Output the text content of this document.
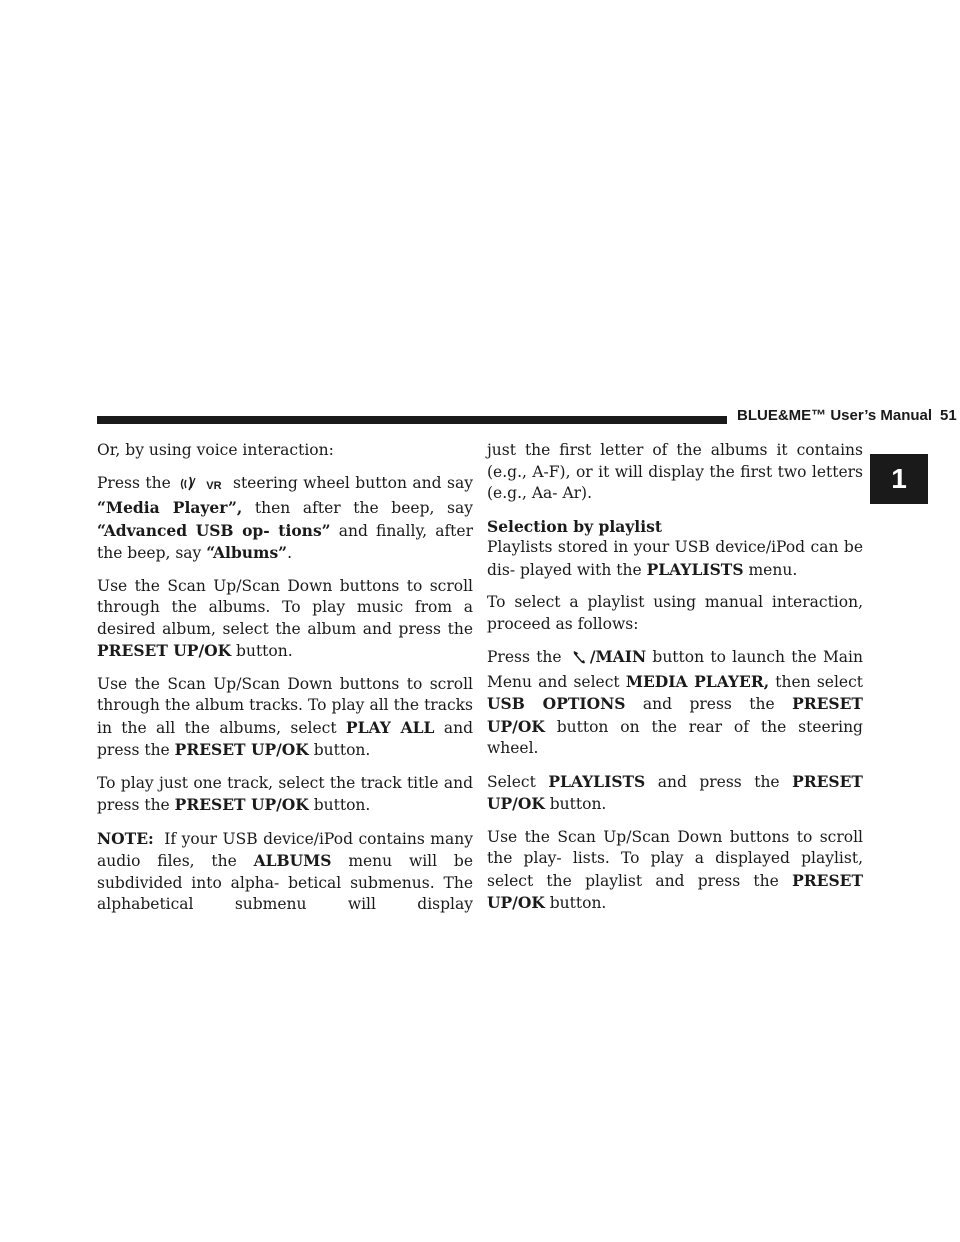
BLUE&ME™ User’s Manual 51
1

Or, by using voice interaction:

Press the	VR steering wheel button and say “Media Player”, then after the beep, say “Advanced USB op- tions” and finally, after the beep, say “Albums”.

Use the Scan Up/Scan Down buttons to scroll through the albums. To play music from a desired album, select the album and press the PRESET UP/OK button.

Use the Scan Up/Scan Down buttons to scroll through the album tracks. To play all the tracks in the all the albums, select PLAY ALL and press the PRESET UP/OK button.

To play just one track, select the track title and press the PRESET UP/OK button.

NOTE: If your USB device/iPod contains many audio files, the ALBUMS menu will be subdivided into alpha- betical submenus. The alphabetical submenu will display

just the first letter of the albums it contains (e.g., A-F), or it will display the first two letters (e.g., Aa- Ar).

Selection by playlist

Playlists stored in your USB device/iPod can be dis- played with the PLAYLISTS menu.

To select a playlist using manual interaction, proceed as follows:

Press the /MAIN button to launch the Main Menu and select MEDIA PLAYER, then select USB OPTIONS and press the PRESET UP/OK button on the rear of the steering wheel.

Select PLAYLISTS and press the PRESET UP/OK button.

Use the Scan Up/Scan Down buttons to scroll the play- lists. To play a displayed playlist, select the playlist and press the PRESET UP/OK button.
